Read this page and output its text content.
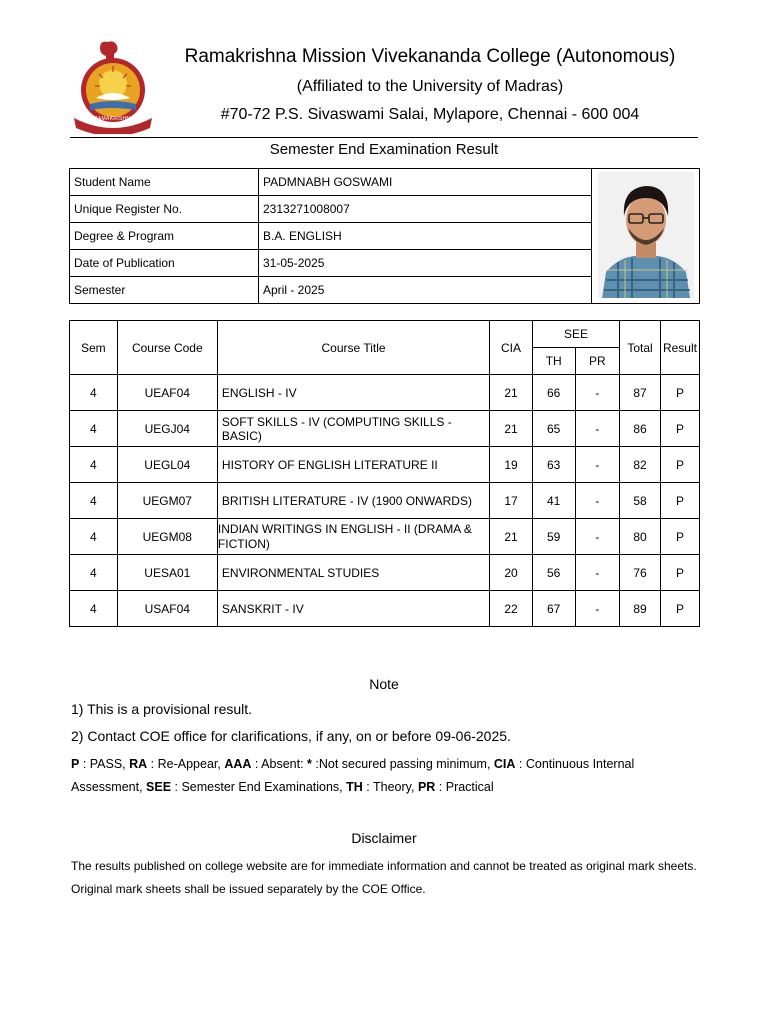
RAMAKRISHNA MISSION
Ramakrishna Mission Vivekananda College (Autonomous)
(Affiliated to the University of Madras)
#70-72 P.S. Sivaswami Salai, Mylapore, Chennai - 600 004
Semester End Examination Result
Student Name	PADMNABH GOSWAMI	
Unique Register No.	2313271008007	
Degree & Program	B.A. ENGLISH	
Date of Publication	31-05-2025	
Semester	April - 2025	
Sem	Course Code	Course Title	CIA	SEE		Total	Result
				TH	PR		
4	UEAF04	ENGLISH - IV	21	66	-	87	P
4	UEGJ04	SOFT SKILLS - IV (COMPUTING SKILLS - BASIC)	21	65	-	86	P
4	UEGL04	HISTORY OF ENGLISH LITERATURE II	19	63	-	82	P
4	UEGM07	BRITISH LITERATURE - IV (1900 ONWARDS)	17	41	-	58	P
4	UEGM08	INDIAN WRITINGS IN ENGLISH - II (DRAMA & FICTION)	21	59	-	80	P
4	UESA01	ENVIRONMENTAL STUDIES	20	56	-	76	P
4	USAF04	SANSKRIT - IV	22	67	-	89	P
Note
1) This is a provisional result.
2) Contact COE office for clarifications, if any, on or before 09-06-2025.
P : PASS, RA : Re-Appear, AAA : Absent: * :Not secured passing minimum, CIA : Continuous Internal Assessment, SEE : Semester End Examinations, TH : Theory, PR : Practical
Disclaimer
The results published on college website are for immediate information and cannot be treated as original mark sheets. Original mark sheets shall be issued separately by the COE Office.
